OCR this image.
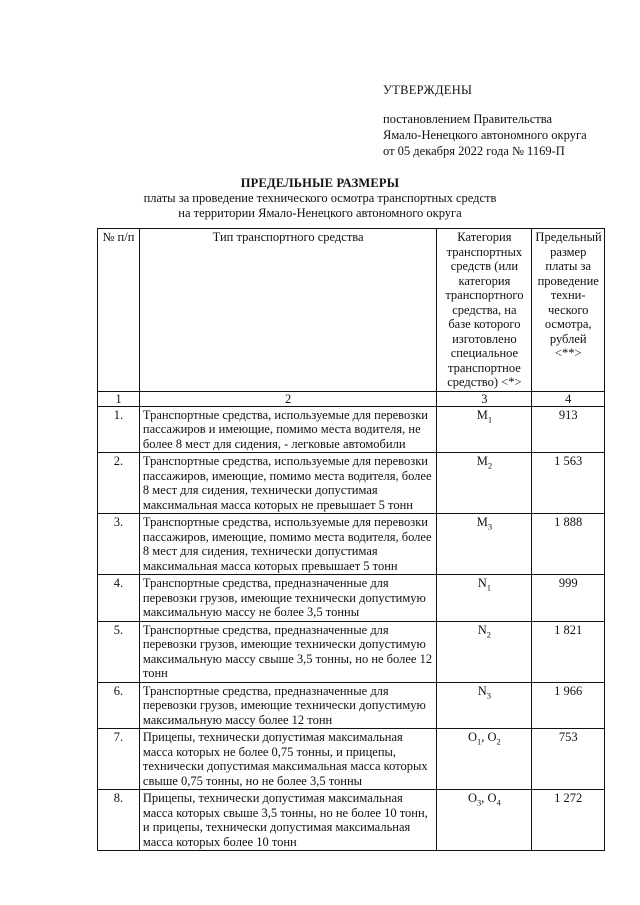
УТВЕРЖДЕНЫ
постановлением Правительства
Ямало-Ненецкого автономного округа
от 05 декабря 2022 года № 1169-П
ПРЕДЕЛЬНЫЕ РАЗМЕРЫ
платы за проведение технического осмотра транспортных средств
на территории Ямало-Ненецкого автономного округа
№ п/п	Тип транспортного средства	Категория транспортных средств (или категория транспортного средства, на базе которого изготовлено специальное транспортное средство) <*>	Предельный размер платы за проведение техни-ческого осмотра, рублей <**>
1	2	3	4
1.	Транспортные средства, используемые для перевозки пассажиров и имеющие, помимо места водителя, не более 8 мест для сидения, - легковые автомобили	$M_1$	913
2.	Транспортные средства, используемые для перевозки пассажиров, имеющие, помимо места водителя, более 8 мест для сидения, технически допустимая максимальная масса которых не превышает 5 тонн	$M_2$	1 563
3.	Транспортные средства, используемые для перевозки пассажиров, имеющие, помимо места водителя, более 8 мест для сидения, технически допустимая максимальная масса которых превышает 5 тонн	$M_3$	1 888
4.	Транспортные средства, предназначенные для перевозки грузов, имеющие технически допустимую максимальную массу не более 3,5 тонны	$N_1$	999
5.	Транспортные средства, предназначенные для перевозки грузов, имеющие технически допустимую максимальную массу свыше 3,5 тонны, но не более 12 тонн	$N_2$	1 821
6.	Транспортные средства, предназначенные для перевозки грузов, имеющие технически допустимую максимальную массу более 12 тонн	$N_3$	1 966
7.	Прицепы, технически допустимая максимальная масса которых не более 0,75 тонны, и прицепы, технически допустимая максимальная масса которых свыше 0,75 тонны, но не более 3,5 тонны	$O_1$, $O_2$	753
8.	Прицепы, технически допустимая максимальная масса которых свыше 3,5 тонны, но не более 10 тонн, и прицепы, технически допустимая максимальная масса которых более 10 тонн	$O_3$, $O_4$	1 272
